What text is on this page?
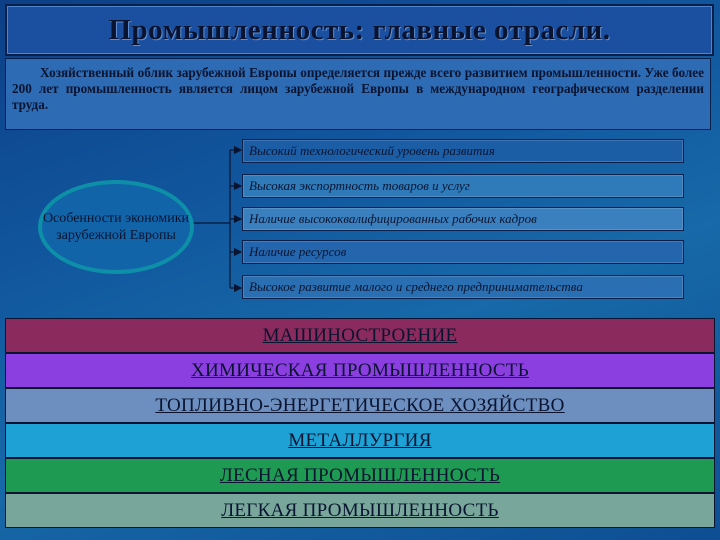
Промышленность: главные отрасли.
Хозяйственный облик зарубежной Европы определяется прежде всего развитием промышленности. Уже более 200 лет промышленность является лицом зарубежной Европы в международном географическом разделении труда.
Особенности экономики зарубежной Европы
Высокий технологический уровень развития
Высокая экспортность товаров и услуг
Наличие высококвалифицированных рабочих кадров
Наличие ресурсов
Высокое развитие малого и среднего предпринимательства
МАШИНОСТРОЕНИЕ
ХИМИЧЕСКАЯ ПРОМЫШЛЕННОСТЬ
ТОПЛИВНО-ЭНЕРГЕТИЧЕСКОЕ ХОЗЯЙСТВО
МЕТАЛЛУРГИЯ
ЛЕСНАЯ ПРОМЫШЛЕННОСТЬ
ЛЕГКАЯ ПРОМЫШЛЕННОСТЬ
